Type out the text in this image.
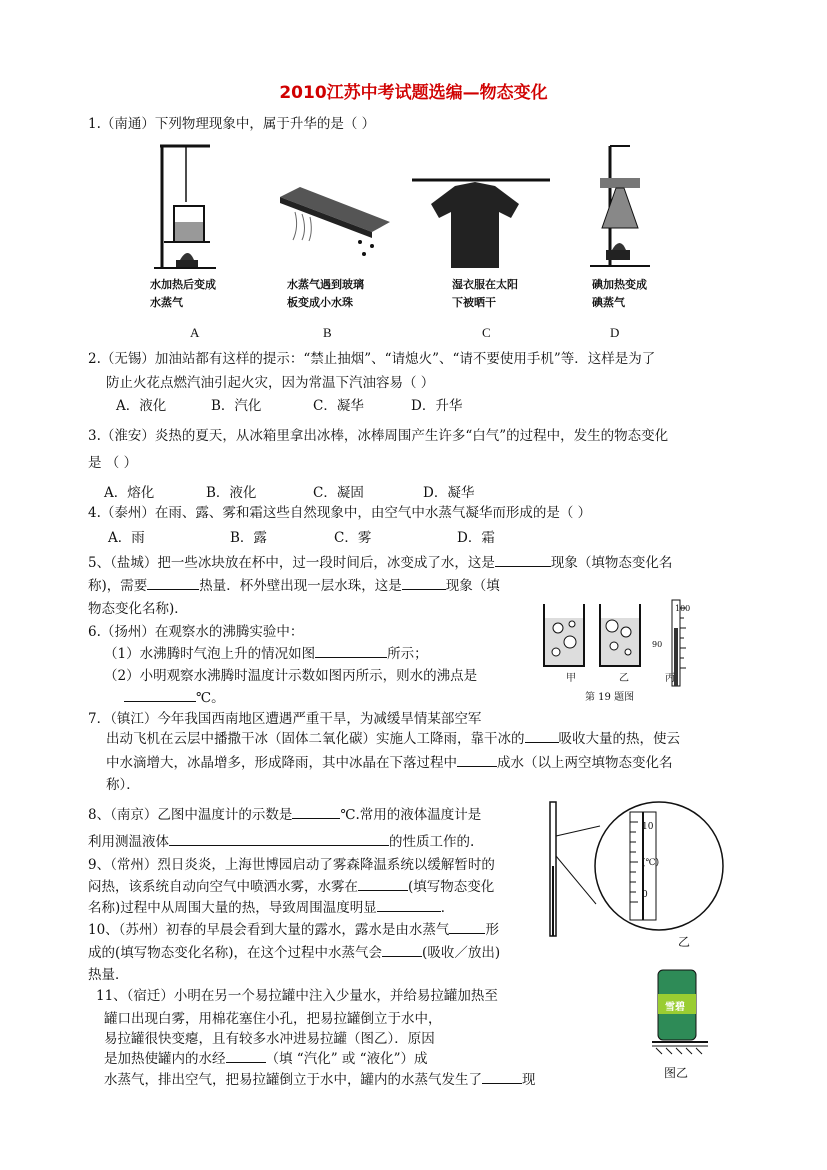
2010江苏中考试题选编—物态变化
1.（南通）下列物理现象中，属于升华的是（ ）
水加热后变成
水蒸气
水蒸气遇到玻璃
板变成小水珠
湿衣服在太阳
下被晒干
碘加热变成
碘蒸气
A	B	C	D
2.（无锡）加油站都有这样的提示：“禁止抽烟”、“请熄火”、“请不要使用手机”等．这样是为了
防止火花点燃汽油引起火灾，因为常温下汽油容易（ ）
A．液化	B．汽化	C．凝华	D．升华
3.（淮安）炎热的夏天，从冰箱里拿出冰棒，冰棒周围产生许多“白气”的过程中，发生的物态变化
是 （ ）
A．熔化	B．液化	C．凝固	D．凝华
4.（泰州）在雨、露、雾和霜这些自然现象中，由空气中水蒸气凝华而形成的是（ ）
A．雨	B．露	C．雾	D．霜
5、（盐城）把一些冰块放在杯中，过一段时间后，冰变成了水，这是	现象（填物态变化名
称)，需要	热量．杯外壁出现一层水珠，这是	现象（填
物态变化名称)．
6.（扬州）在观察水的沸腾实验中：
（1）水沸腾时气泡上升的情况如图	所示；
（2）小明观察水沸腾时温度计示数如图丙所示，则水的沸点是
℃。
100
90
甲	乙	丙
第 19 题图
7．（镇江）今年我国西南地区遭遇严重干旱，为减缓旱情某部空军
出动飞机在云层中播撒干冰（固体二氧化碳）实施人工降雨，靠干冰的	吸收大量的热，使云
中水滴增大，冰晶增多，形成降雨，其中冰晶在下落过程中	成水（以上两空填物态变化名
称）．
8、（南京）乙图中温度计的示数是	℃.常用的液体温度计是
利用测温液体	的性质工作的.
10
(℃)
0
乙
9、（常州）烈日炎炎，上海世博园启动了雾森降温系统以缓解暂时的
闷热，该系统自动向空气中喷洒水雾，水雾在	(填写物态变化
名称)过程中从周围大量的热，导致周围温度明显	．
10、（苏州）初春的早晨会看到大量的露水，露水是由水蒸气	形
成的(填写物态变化名称)，在这个过程中水蒸气会	(吸收／放出)
热量．
11、（宿迁）小明在另一个易拉罐中注入少量水，并给易拉罐加热至
罐口出现白雾，用棉花塞住小孔，把易拉罐倒立于水中，
易拉罐很快变瘪，且有较多水冲进易拉罐（图乙）．原因
是加热使罐内的水经	（填 “汽化” 或 “液化”）成
水蒸气，排出空气，把易拉罐倒立于水中，罐内的水蒸气发生了	现
雪碧
图乙
